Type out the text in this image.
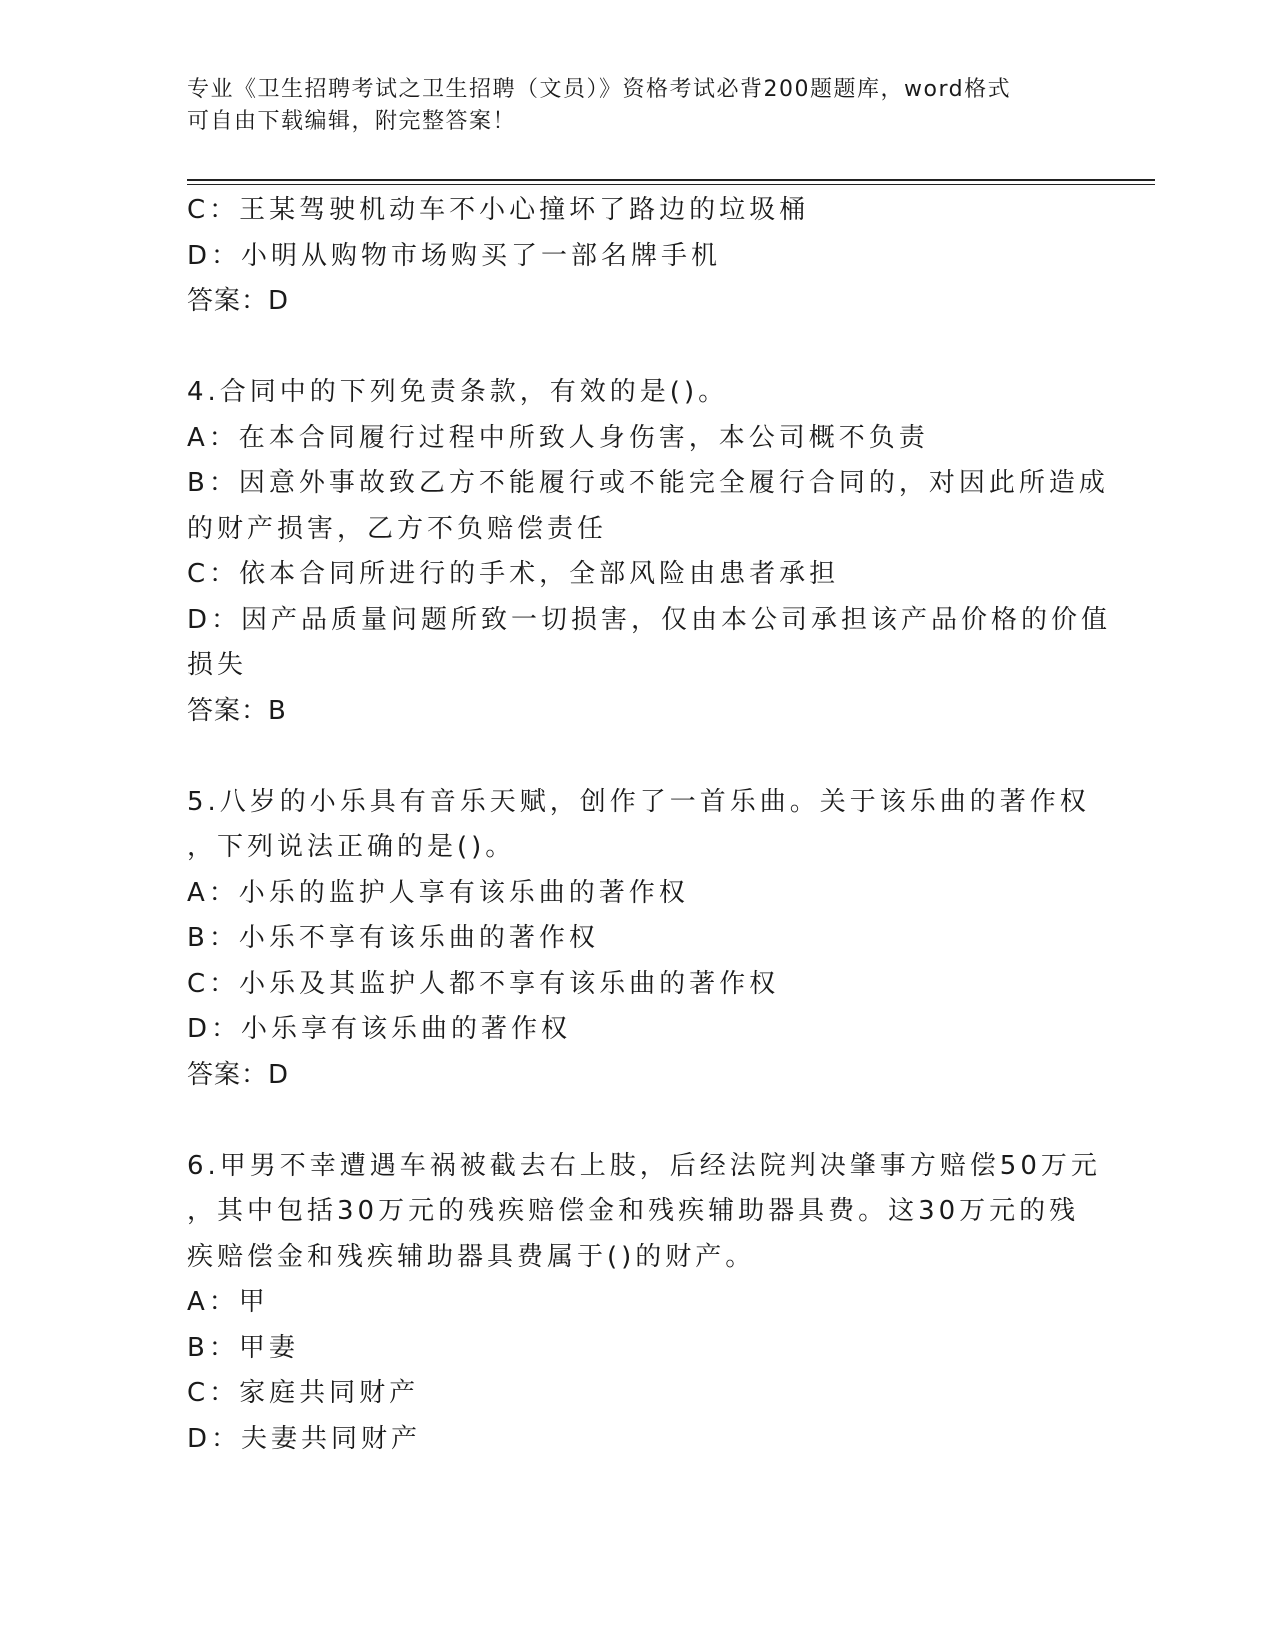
专业《卫生招聘考试之卫生招聘（文员）》资格考试必背200题题库，word格式
可自由下载编辑，附完整答案！
C：王某驾驶机动车不小心撞坏了路边的垃圾桶
D：小明从购物市场购买了一部名牌手机
答案：D
4.合同中的下列免责条款，有效的是()。
A：在本合同履行过程中所致人身伤害，本公司概不负责
B：因意外事故致乙方不能履行或不能完全履行合同的，对因此所造成
的财产损害，乙方不负赔偿责任
C：依本合同所进行的手术，全部风险由患者承担
D：因产品质量问题所致一切损害，仅由本公司承担该产品价格的价值
损失
答案：B
5.八岁的小乐具有音乐天赋，创作了一首乐曲。关于该乐曲的著作权
，下列说法正确的是()。
A：小乐的监护人享有该乐曲的著作权
B：小乐不享有该乐曲的著作权
C：小乐及其监护人都不享有该乐曲的著作权
D：小乐享有该乐曲的著作权
答案：D
6.甲男不幸遭遇车祸被截去右上肢，后经法院判决肇事方赔偿50万元
，其中包括30万元的残疾赔偿金和残疾辅助器具费。这30万元的残
疾赔偿金和残疾辅助器具费属于()的财产。
A：甲
B：甲妻
C：家庭共同财产
D：夫妻共同财产
